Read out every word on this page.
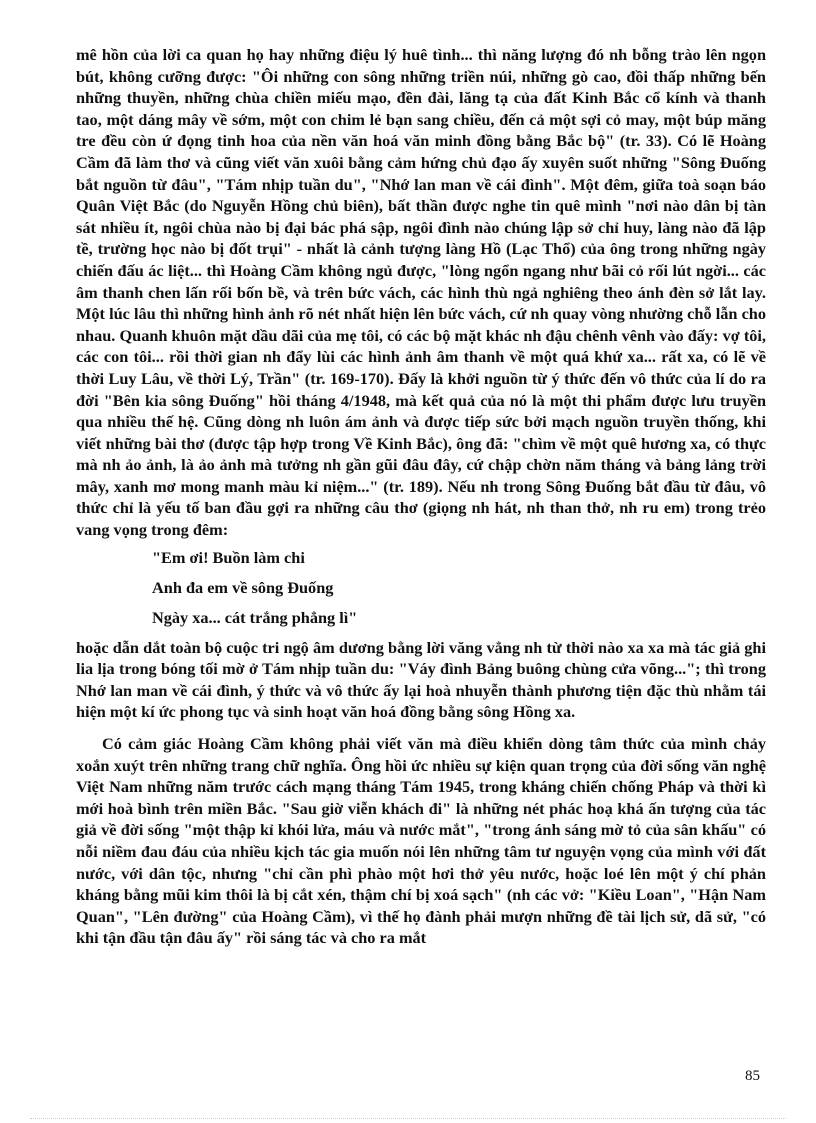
mê hồn của lời ca quan họ hay những điệu lý huê tình... thì năng lượng đó nh bỗng trào lên ngọn bút, không cưỡng được: "Ôi những con sông những triền núi, những gò cao, đồi thấp những bến những thuyền, những chùa chiền miếu mạo, đền đài, lăng tạ của đất Kinh Bắc cổ kính và thanh tao, một dáng mây về sớm, một con chim lẻ bạn sang chiều, đến cả một sợi cỏ may, một búp măng tre đều còn ứ đọng tinh hoa của nền văn hoá văn minh đồng bằng Bắc bộ" (tr. 33). Có lẽ Hoàng Cầm đã làm thơ và cũng viết văn xuôi bằng cảm hứng chủ đạo ấy xuyên suốt những "Sông Đuống bắt nguồn từ đâu", "Tám nhịp tuần du", "Nhớ lan man về cái đình". Một đêm, giữa toà soạn báo Quân Việt Bắc (do Nguyễn Hồng chủ biên), bất thần được nghe tin quê mình "nơi nào dân bị tàn sát nhiều ít, ngôi chùa nào bị đại bác phá sập, ngôi đình nào chúng lập sở chỉ huy, làng nào đã lập tề, trường học nào bị đốt trụi" - nhất là cảnh tượng làng Hồ (Lạc Thổ) của ông trong những ngày chiến đấu ác liệt... thì Hoàng Cầm không ngủ được, "lòng ngổn ngang như bãi cỏ rối lút ngời... các âm thanh chen lấn rối bốn bề, và trên bức vách, các hình thù ngả nghiêng theo ánh đèn sở lắt lay. Một lúc lâu thì những hình ảnh rõ nét nhất hiện lên bức vách, cứ nh quay vòng nhường chỗ lẫn cho nhau. Quanh khuôn mặt dầu dãi của mẹ tôi, có các bộ mặt khác nh đậu chênh vênh vào đấy: vợ tôi, các con tôi... rồi thời gian nh đẩy lùi các hình ảnh âm thanh về một quá khứ xa... rất xa, có lẽ về thời Luy Lâu, về thời Lý, Trần" (tr. 169-170). Đấy là khởi nguồn từ ý thức đến vô thức của lí do ra đời "Bên kia sông Đuống" hồi tháng 4/1948, mà kết quả của nó là một thi phẩm được lưu truyền qua nhiều thế hệ. Cũng dòng nh luôn ám ảnh và được tiếp sức bởi mạch nguồn truyền thống, khi viết những bài thơ (được tập hợp trong Về Kinh Bắc), ông đã: "chìm về một quê hương xa, có thực mà nh ảo ảnh, là ảo ảnh mà tưởng nh gần gũi đâu đây, cứ chập chờn năm tháng và bảng lảng trời mây, xanh mơ mong manh màu kỉ niệm..." (tr. 189). Nếu nh trong Sông Đuống bắt đầu từ đâu, vô thức chỉ là yếu tố ban đầu gợi ra những câu thơ (giọng nh hát, nh than thở, nh ru em) trong trẻo vang vọng trong đêm:

"Em ơi! Buồn làm chi

Anh đa em về sông Đuống

Ngày xa... cát trắng phẳng lì"

hoặc dẫn dắt toàn bộ cuộc tri ngộ âm dương bằng lời văng vẳng nh từ thời nào xa xa mà tác giả ghi lia lịa trong bóng tối mờ ở Tám nhịp tuần du: "Váy đình Bảng buông chùng cửa võng..."; thì trong Nhớ lan man về cái đình, ý thức và vô thức ấy lại hoà nhuyễn thành phương tiện đặc thù nhằm tái hiện một kí ức phong tục và sinh hoạt văn hoá đồng bằng sông Hồng xa.

Có cảm giác Hoàng Cầm không phải viết văn mà điều khiển dòng tâm thức của mình chảy xoắn xuýt trên những trang chữ nghĩa. Ông hồi ức nhiều sự kiện quan trọng của đời sống văn nghệ Việt Nam những năm trước cách mạng tháng Tám 1945, trong kháng chiến chống Pháp và thời kì mới hoà bình trên miền Bắc. "Sau giờ viễn khách đi" là những nét phác hoạ khá ấn tượng của tác giả về đời sống "một thập kỉ khói lửa, máu và nước mắt", "trong ánh sáng mờ tỏ của sân khấu" có nỗi niềm đau đáu của nhiều kịch tác gia muốn nói lên những tâm tư nguyện vọng của mình với đất nước, với dân tộc, nhưng "chỉ cần phì phào một hơi thở yêu nước, hoặc loé lên một ý chí phản kháng bằng mũi kim thôi là bị cắt xén, thậm chí bị xoá sạch" (nh các vở: "Kiều Loan", "Hận Nam Quan", "Lên đường" của Hoàng Cầm), vì thế họ đành phải mượn những đề tài lịch sử, dã sử, "có khi tận đầu tận đâu ấy" rồi sáng tác và cho ra mắt

85
